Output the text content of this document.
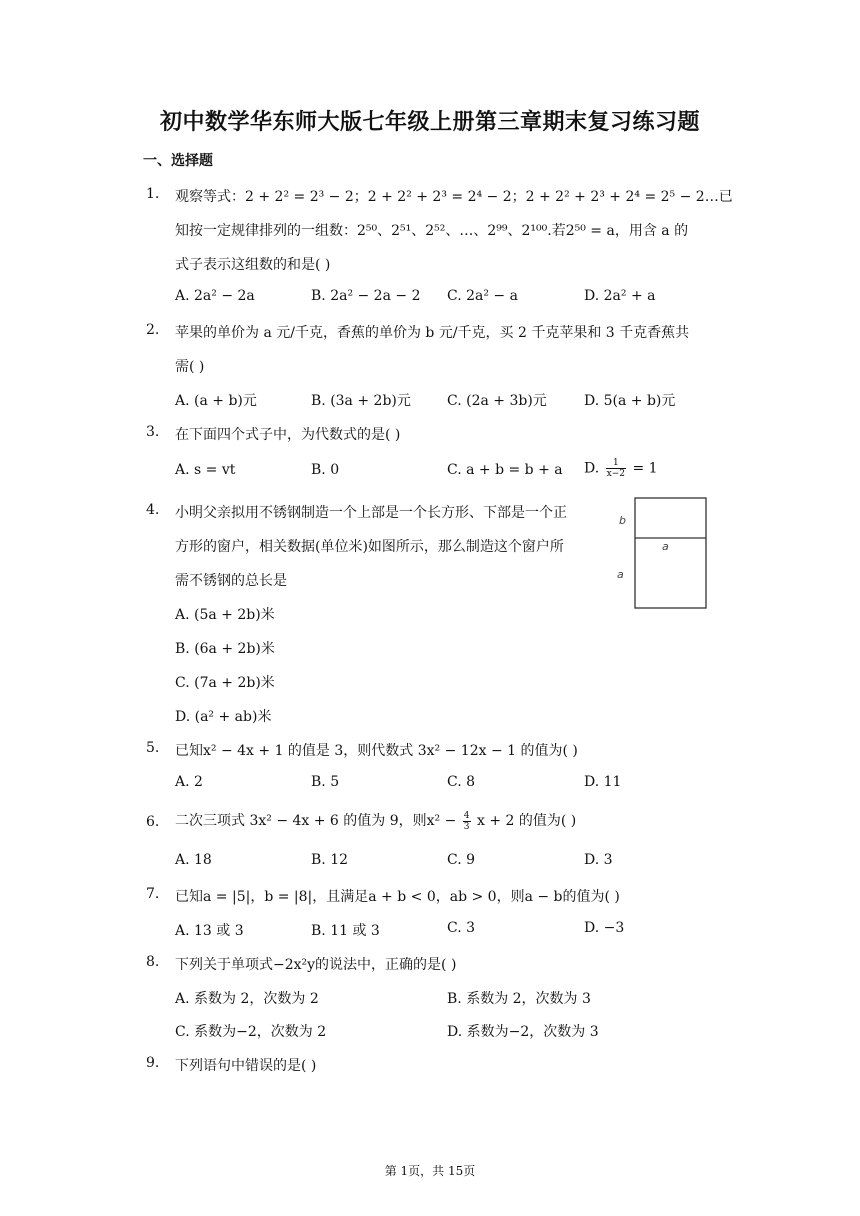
初中数学华东师大版七年级上册第三章期末复习练习题
一、选择题
1. 观察等式：2 + 2² = 2³ − 2；2 + 2² + 2³ = 2⁴ − 2；2 + 2² + 2³ + 2⁴ = 2⁵ − 2…已
知按一定规律排列的一组数：2⁵⁰、2⁵¹、2⁵²、…、2⁹⁹、2¹⁰⁰.若2⁵⁰ = a，用含 a 的
式子表示这组数的和是( )
A. 2a² − 2a	B. 2a² − 2a − 2 C. 2a² − a	D. 2a² + a
2. 苹果的单价为 a 元/千克，香蕉的单价为 b 元/千克，买 2 千克苹果和 3 千克香蕉共
需( )
A. (a + b)元	B. (3a + 2b)元	C. (2a + 3b)元	D. 5(a + b)元
3. 在下面四个式子中，为代数式的是( )
A. s = vt	B. 0	C. a + b = b + a D. $\frac{1}{x-2} = 1$
4. 小明父亲拟用不锈钢制造一个上部是一个长方形、下部是一个正
方形的窗户，相关数据(单位米)如图所示，那么制造这个窗户所
需不锈钢的总长是
A. (5a + 2b)米
B. (6a + 2b)米
C. (7a + 2b)米
D. (a² + ab)米
b
a
a
5. 已知x² − 4x + 1 的值是 3，则代数式 3x² − 12x − 1 的值为( )
A. 2	B. 5	C. 8	D. 11
6. 二次三项式 3x² − 4x + 6 的值为 9，则$x^2 - \frac{4}{3}$ x + 2 的值为( )
A. 18	B. 12	C. 9	D. 3
7. 已知a = |5|，b = |8|，且满足a + b < 0，ab > 0，则a − b的值为( )
A. 13 或 3	B. 11 或 3	C. 3	D. −3
8. 下列关于单项式−2x²y的说法中，正确的是( )
A. 系数为 2，次数为 2	B. 系数为 2，次数为 3
C. 系数为−2，次数为 2	D. 系数为−2，次数为 3
9. 下列语句中错误的是( )
第 1页，共 15页
